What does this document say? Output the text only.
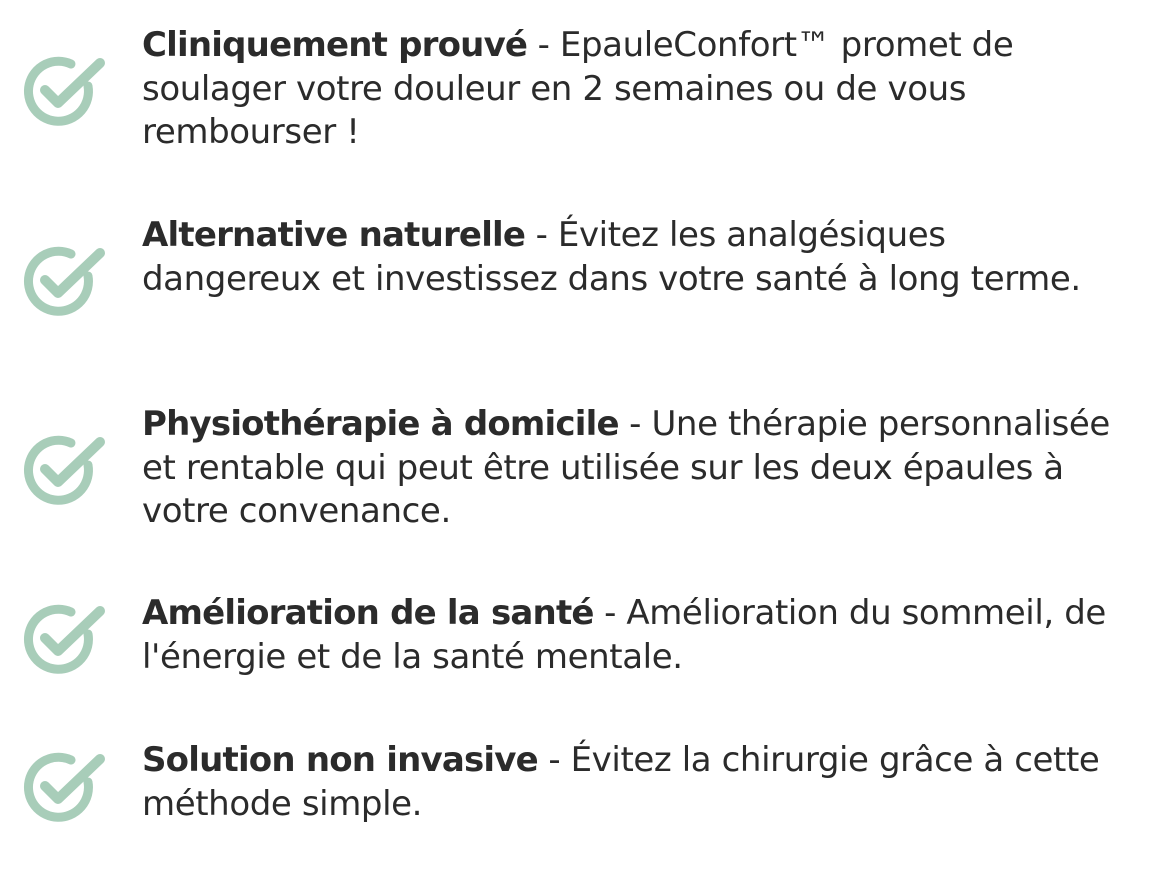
Cliniquement prouvé - EpauleConfort™ promet de soulager votre douleur en 2 semaines ou de vous rembourser !

Alternative naturelle - Évitez les analgésiques dangereux et investissez dans votre santé à long terme.

Physiothérapie à domicile - Une thérapie personnalisée et rentable qui peut être utilisée sur les deux épaules à votre convenance.

Amélioration de la santé - Amélioration du sommeil, de l'énergie et de la santé mentale.

Solution non invasive - Évitez la chirurgie grâce à cette méthode simple.
